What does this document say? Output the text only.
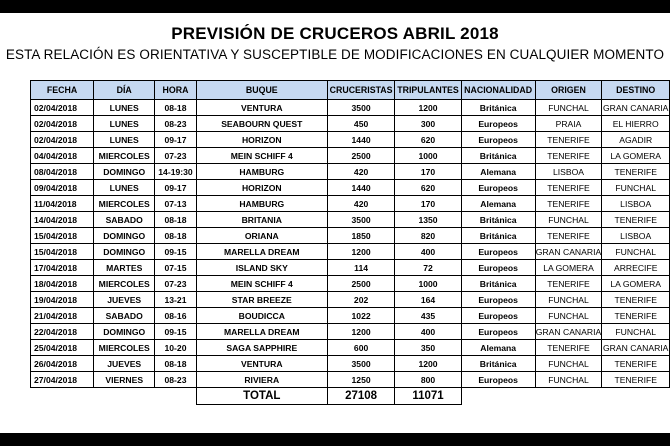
PREVISIÓN DE CRUCEROS ABRIL 2018
ESTA RELACIÓN ES ORIENTATIVA Y SUSCEPTIBLE DE MODIFICACIONES EN CUALQUIER MOMENTO
FECHA	DÍA	HORA	BUQUE	CRUCERISTAS	TRIPULANTES	NACIONALIDAD	ORIGEN	DESTINO
02/04/2018	LUNES	08-18	VENTURA	3500	1200	Británica	FUNCHAL	GRAN CANARIA
02/04/2018	LUNES	08-23	SEABOURN QUEST	450	300	Europeos	PRAIA	EL HIERRO
02/04/2018	LUNES	09-17	HORIZON	1440	620	Europeos	TENERIFE	AGADIR
04/04/2018	MIERCOLES	07-23	MEIN SCHIFF 4	2500	1000	Británica	TENERIFE	LA GOMERA
08/04/2018	DOMINGO	14-19:30	HAMBURG	420	170	Alemana	LISBOA	TENERIFE
09/04/2018	LUNES	09-17	HORIZON	1440	620	Europeos	TENERIFE	FUNCHAL
11/04/2018	MIERCOLES	07-13	HAMBURG	420	170	Alemana	TENERIFE	LISBOA
14/04/2018	SABADO	08-18	BRITANIA	3500	1350	Británica	FUNCHAL	TENERIFE
15/04/2018	DOMINGO	08-18	ORIANA	1850	820	Británica	TENERIFE	LISBOA
15/04/2018	DOMINGO	09-15	MARELLA DREAM	1200	400	Europeos	GRAN CANARIA	FUNCHAL
17/04/2018	MARTES	07-15	ISLAND SKY	114	72	Europeos	LA GOMERA	ARRECIFE
18/04/2018	MIERCOLES	07-23	MEIN SCHIFF 4	2500	1000	Británica	TENERIFE	LA GOMERA
19/04/2018	JUEVES	13-21	STAR BREEZE	202	164	Europeos	FUNCHAL	TENERIFE
21/04/2018	SABADO	08-16	BOUDICCA	1022	435	Europeos	FUNCHAL	TENERIFE
22/04/2018	DOMINGO	09-15	MARELLA DREAM	1200	400	Europeos	GRAN CANARIA	FUNCHAL
25/04/2018	MIERCOLES	10-20	SAGA SAPPHIRE	600	350	Alemana	TENERIFE	GRAN CANARIA
26/04/2018	JUEVES	08-18	VENTURA	3500	1200	Británica	FUNCHAL	TENERIFE
27/04/2018	VIERNES	08-23	RIVIERA	1250	800	Europeos	FUNCHAL	TENERIFE
			TOTAL	27108	11071			
